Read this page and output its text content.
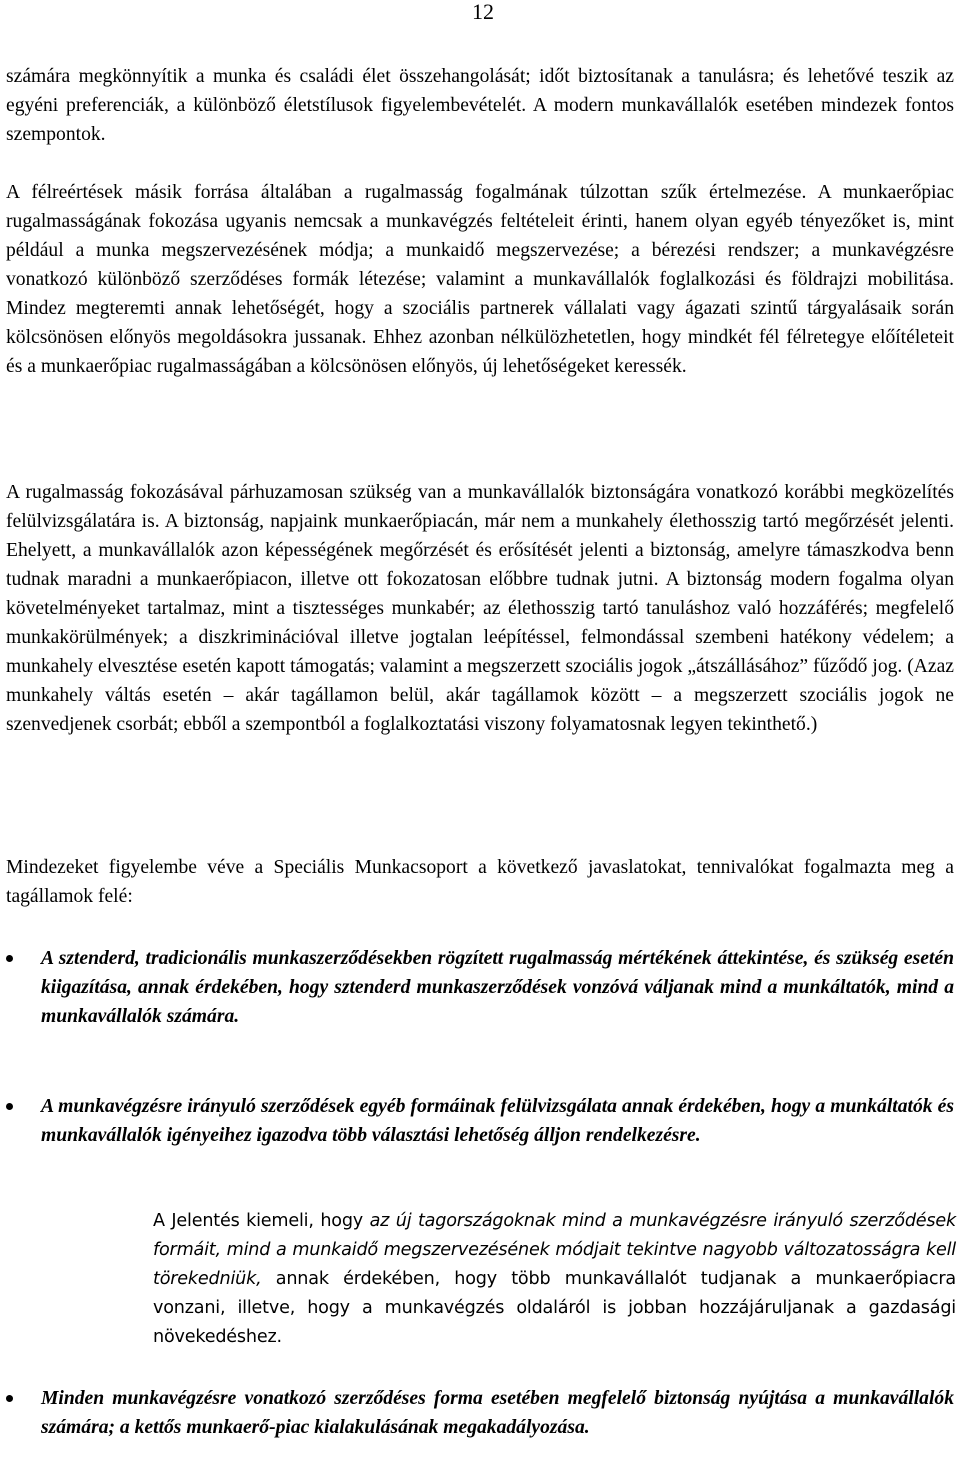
12
számára megkönnyítik a munka és családi élet összehangolását; időt biztosítanak a tanulásra; és lehetővé teszik az egyéni preferenciák, a különböző életstílusok figyelembevételét. A modern munkavállalók esetében mindezek fontos szempontok.

A félreértések másik forrása általában a rugalmasság fogalmának túlzottan szűk értelmezése. A munkaerőpiac rugalmasságának fokozása ugyanis nemcsak a munkavégzés feltételeit érinti, hanem olyan egyéb tényezőket is, mint például a munka megszervezésének módja; a munkaidő megszervezése; a bérezési rendszer; a munkavégzésre vonatkozó különböző szerződéses formák létezése; valamint a munkavállalók foglalkozási és földrajzi mobilitása. Mindez megteremti annak lehetőségét, hogy a szociális partnerek vállalati vagy ágazati szintű tárgyalásaik során kölcsönösen előnyös megoldásokra jussanak. Ehhez azonban nélkülözhetetlen, hogy mindkét fél félretegye előítéleteit és a munkaerőpiac rugalmasságában a kölcsönösen előnyös, új lehetőségeket keressék.
A rugalmasság fokozásával párhuzamosan szükség van a munkavállalók biztonságára vonatkozó korábbi megközelítés felülvizsgálatára is. A biztonság, napjaink munkaerőpiacán, már nem a munkahely élethosszig tartó megőrzését jelenti. Ehelyett, a munkavállalók azon képességének megőrzését és erősítését jelenti a biztonság, amelyre támaszkodva benn tudnak maradni a munkaerőpiacon, illetve ott fokozatosan előbbre tudnak jutni. A biztonság modern fogalma olyan követelményeket tartalmaz, mint a tisztességes munkabér; az élethosszig tartó tanuláshoz való hozzáférés; megfelelő munkakörülmények; a diszkriminációval illetve jogtalan leépítéssel, felmondással szembeni hatékony védelem; a munkahely elvesztése esetén kapott támogatás; valamint a megszerzett szociális jogok „átszállásához” fűződő jog. (Azaz munkahely váltás esetén – akár tagállamon belül, akár tagállamok között – a megszerzett szociális jogok ne szenvedjenek csorbát; ebből a szempontból a foglalkoztatási viszony folyamatosnak legyen tekinthető.)
Mindezeket figyelembe véve a Speciális Munkacsoport a következő javaslatokat, tennivalókat fogalmazta meg a tagállamok felé:
A sztenderd, tradicionális munkaszerződésekben rögzített rugalmasság mértékének áttekintése, és szükség esetén kiigazítása, annak érdekében, hogy sztenderd munkaszerződések vonzóvá váljanak mind a munkáltatók, mind a munkavállalók számára.
A munkavégzésre irányuló szerződések egyéb formáinak felülvizsgálata annak érdekében, hogy a munkáltatók és munkavállalók igényeihez igazodva több választási lehetőség álljon rendelkezésre.
A Jelentés kiemeli, hogy az új tagországoknak mind a munkavégzésre irányuló szerződések formáit, mind a munkaidő megszervezésének módjait tekintve nagyobb változatosságra kell törekedniük, annak érdekében, hogy több munkavállalót tudjanak a munkaerőpiacra vonzani, illetve, hogy a munkavégzés oldaláról is jobban hozzájáruljanak a gazdasági növekedéshez.
Minden munkavégzésre vonatkozó szerződéses forma esetében megfelelő biztonság nyújtása a munkavállalók számára; a kettős munkaerő-piac kialakulásának megakadályozása.
